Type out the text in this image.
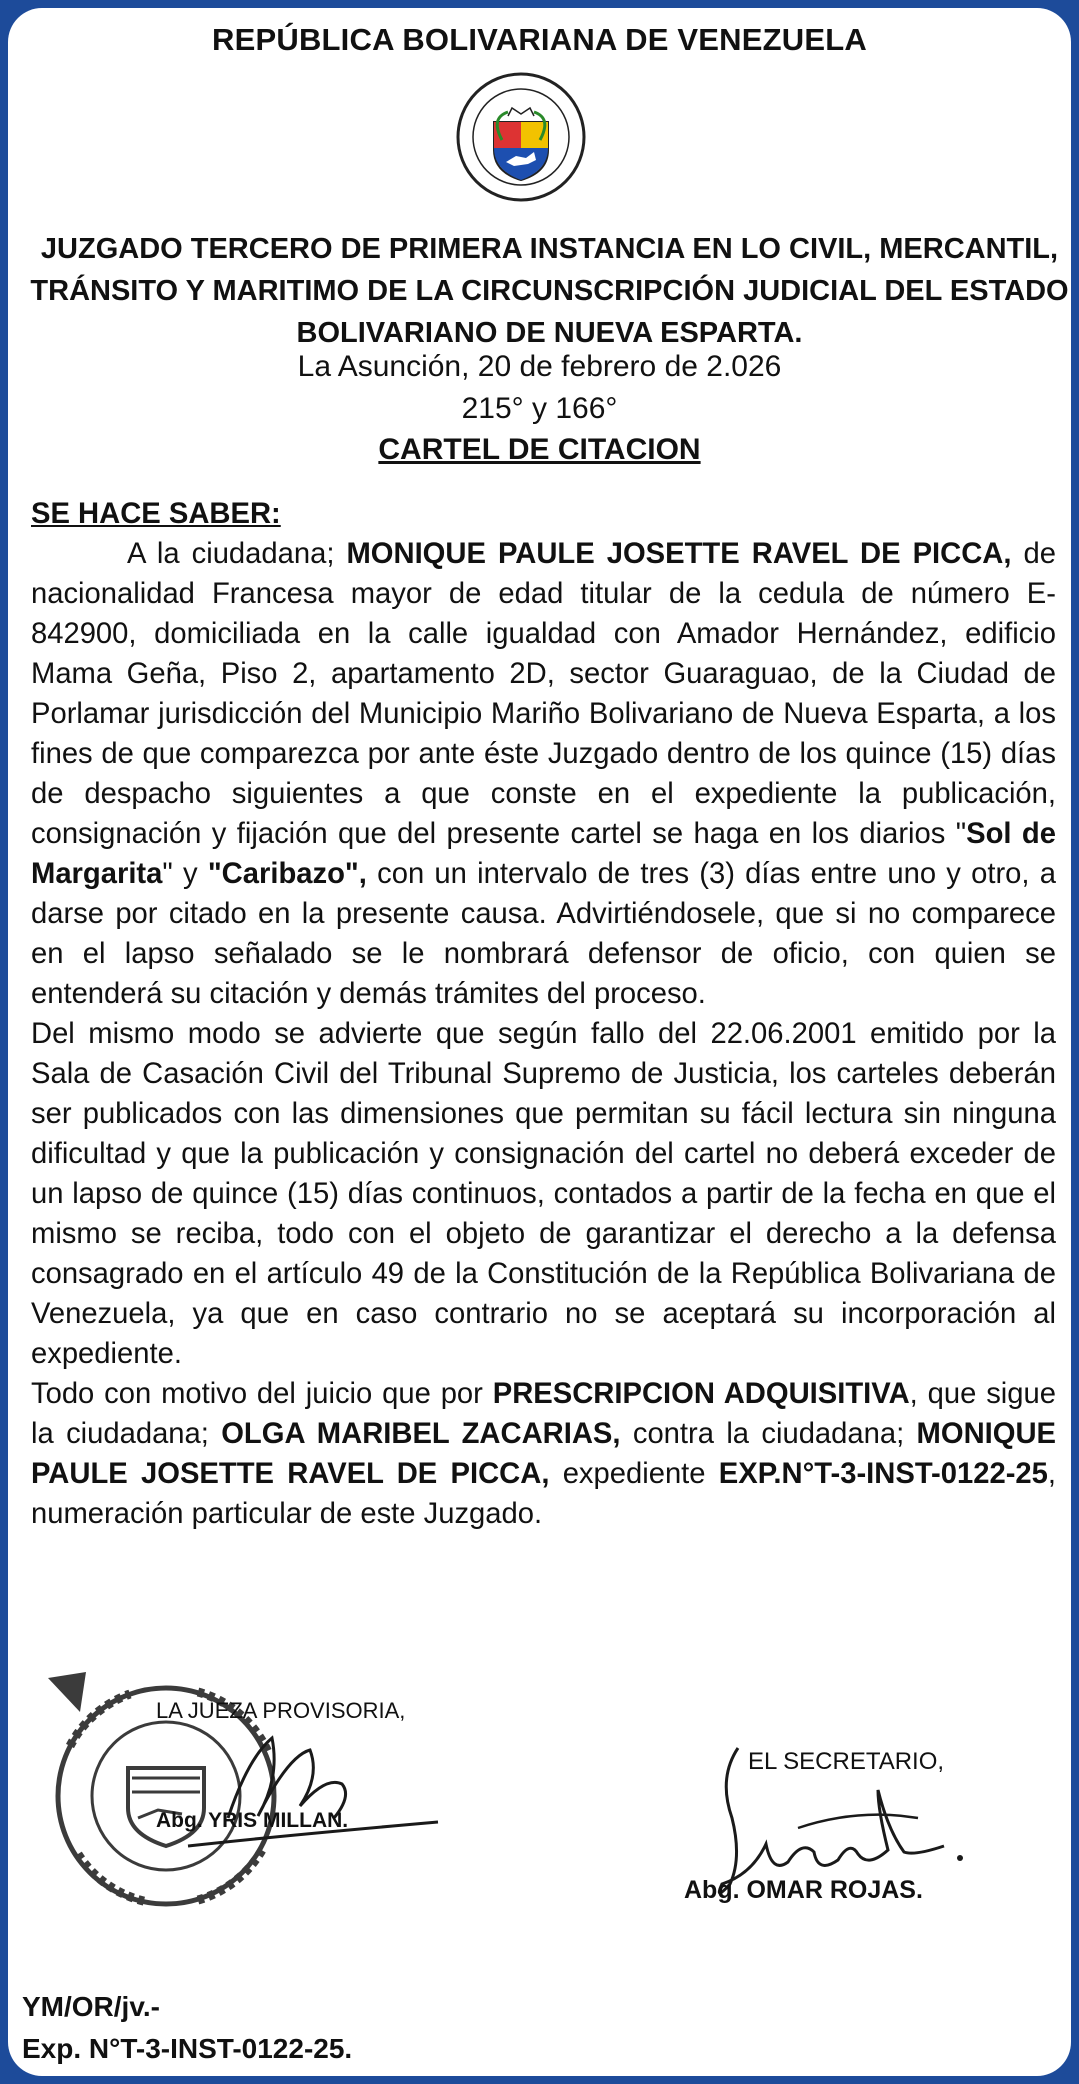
REPÚBLICA BOLIVARIANA DE VENEZUELA
JUZGADO TERCERO DE PRIMERA INSTANCIA EN LO CIVIL, MERCANTIL,
TRÁNSITO Y MARITIMO DE LA CIRCUNSCRIPCIÓN JUDICIAL DEL ESTADO
BOLIVARIANO DE NUEVA ESPARTA.
La Asunción, 20 de febrero de 2.026
215° y 166°
CARTEL DE CITACION

SE HACE SABER:

A la ciudadana; MONIQUE PAULE JOSETTE RAVEL DE PICCA, de nacionalidad Francesa mayor de edad titular de la cedula de número E-842900, domiciliada en la calle igualdad con Amador Hernández, edificio Mama Geña, Piso 2, apartamento 2D, sector Guaraguao, de la Ciudad de Porlamar jurisdicción del Municipio Mariño Bolivariano de Nueva Esparta, a los fines de que comparezca por ante éste Juzgado dentro de los quince (15) días de despacho siguientes a que conste en el expediente la publicación, consignación y fijación que del presente cartel se haga en los diarios "Sol de Margarita" y "Caribazo", con un intervalo de tres (3) días entre uno y otro, a darse por citado en la presente causa. Advirtiéndosele, que si no comparece en el lapso señalado se le nombrará defensor de oficio, con quien se entenderá su citación y demás trámites del proceso.

Del mismo modo se advierte que según fallo del 22.06.2001 emitido por la Sala de Casación Civil del Tribunal Supremo de Justicia, los carteles deberán ser publicados con las dimensiones que permitan su fácil lectura sin ninguna dificultad y que la publicación y consignación del cartel no deberá exceder de un lapso de quince (15) días continuos, contados a partir de la fecha en que el mismo se reciba, todo con el objeto de garantizar el derecho a la defensa consagrado en el artículo 49 de la Constitución de la República Bolivariana de Venezuela, ya que en caso contrario no se aceptará su incorporación al expediente.

Todo con motivo del juicio que por PRESCRIPCION ADQUISITIVA, que sigue la ciudadana; OLGA MARIBEL ZACARIAS, contra la ciudadana; MONIQUE PAULE JOSETTE RAVEL DE PICCA, expediente EXP.N°T-3-INST-0122-25, numeración particular de este Juzgado.

LA JUEZA PROVISORIA,
Abg. YRIS MILLAN.
EL SECRETARIO,
Abg. OMAR ROJAS.
YM/OR/jv.-
Exp. N°T-3-INST-0122-25.
